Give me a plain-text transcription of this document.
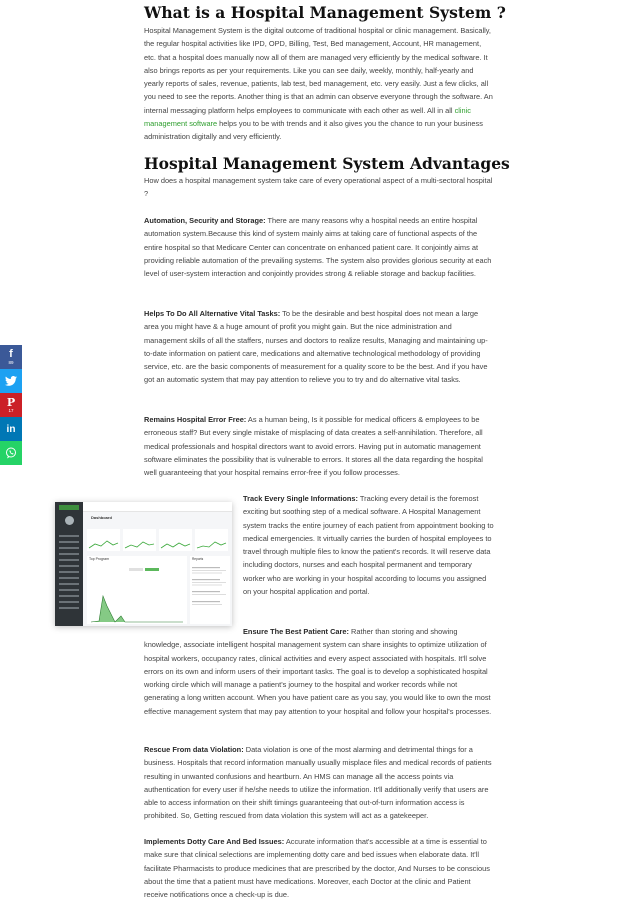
f
89
P
17
in
Dashboard
Top Program	Reports
What is a Hospital Management System ?

Hospital Management System is the digital outcome of traditional hospital or clinic management. Basically, the regular hospital activities like IPD, OPD, Billing, Test, Bed management, Account, HR management, etc. that a hospital does manually now all of them are managed very efficiently by the medical software. It also brings reports as per your requirements. Like you can see daily, weekly, monthly, half-yearly and yearly reports of sales, revenue, patients, lab test, bed management, etc. very easily. Just a few clicks, all you need to see the reports. Another thing is that an admin can observe everyone through the software. An internal messaging platform helps employees to communicate with each other as well. All in all clinic management software helps you to be with trends and it also gives you the chance to run your business administration digitally and very efficiently.

Hospital Management System Advantages

How does a hospital management system take care of every operational aspect of a multi-sectoral hospital ?

Automation, Security and Storage: There are many reasons why a hospital needs an entire hospital automation system.Because this kind of system mainly aims at taking care of functional aspects of the entire hospital so that Medicare Center can concentrate on enhanced patient care. It conjointly aims at providing reliable automation of the prevailing systems. The system also provides glorious security at each level of user-system interaction and conjointly provides strong & reliable storage and backup facilities.

Helps To Do All Alternative Vital Tasks: To be the desirable and best hospital does not mean a large area you might have & a huge amount of profit you might gain. But the nice administration and management skills of all the staffers, nurses and doctors to realize results, Managing and maintaining up-to-date information on patient care, medications and alternative technological methodology of providing service, etc. are the basic components of measurement for a quality score to be the best. And if you have got an automatic system that may pay attention to relieve you to try and do alternative vital tasks.

Remains Hospital Error Free: As a human being, Is it possible for medical officers & employees to be erroneous staff? But every single mistake of misplacing of data creates a self-annihilation. Therefore, all medical professionals and hospital directors want to avoid errors. Having put in automatic management software eliminates the possibility that is vulnerable to errors. It stores all the data regarding the hospital well guaranteeing that your hospital remains error-free if you follow processes.

Track Every Single Informations: Tracking every detail is the foremost exciting but soothing step of a medical software. A Hospital Management system tracks the entire journey of each patient from appointment booking to medical emergencies. It virtually carries the burden of hospital employees to travel through multiple files to know the patient's records. It will reserve data including doctors, nurses and each hospital permanent and temporary worker who are working in your hospital according to locums you assigned on your hospital application and portal.

Ensure The Best Patient Care: Rather than storing and showing knowledge, associate intelligent hospital management system can share insights to optimize utilization of hospital workers, occupancy rates, clinical activities and every aspect associated with hospitals. It'll solve errors on its own and inform users of their important tasks. The goal is to develop a sophisticated hospital working circle which will manage a patient's journey to the hospital and worker records while not generating a long written account. When you have patient care as you say, you would like to own the most effective management system that may pay attention to your hospital and follow your hospital's processes.

Rescue From data Violation: Data violation is one of the most alarming and detrimental things for a business. Hospitals that record information manually usually misplace files and medical records of patients resulting in unwanted confusions and heartburn. An HMS can manage all the access points via authentication for every user if he/she needs to utilize the information. It'll additionally verify that users are able to access information on their shift timings guaranteeing that out-of-turn information access is prohibited. So, Getting rescued from data violation this system will act as a gatekeeper.

Implements Dotty Care And Bed Issues: Accurate information that's accessible at a time is essential to make sure that clinical selections are implementing dotty care and bed issues when elaborate data. It'll facilitate Pharmacists to produce medicines that are prescribed by the doctor, And Nurses to be conscious about the time that a patient must have medications. Moreover, each Doctor at the clinic and Patient receive notifications once a check-up is due.
